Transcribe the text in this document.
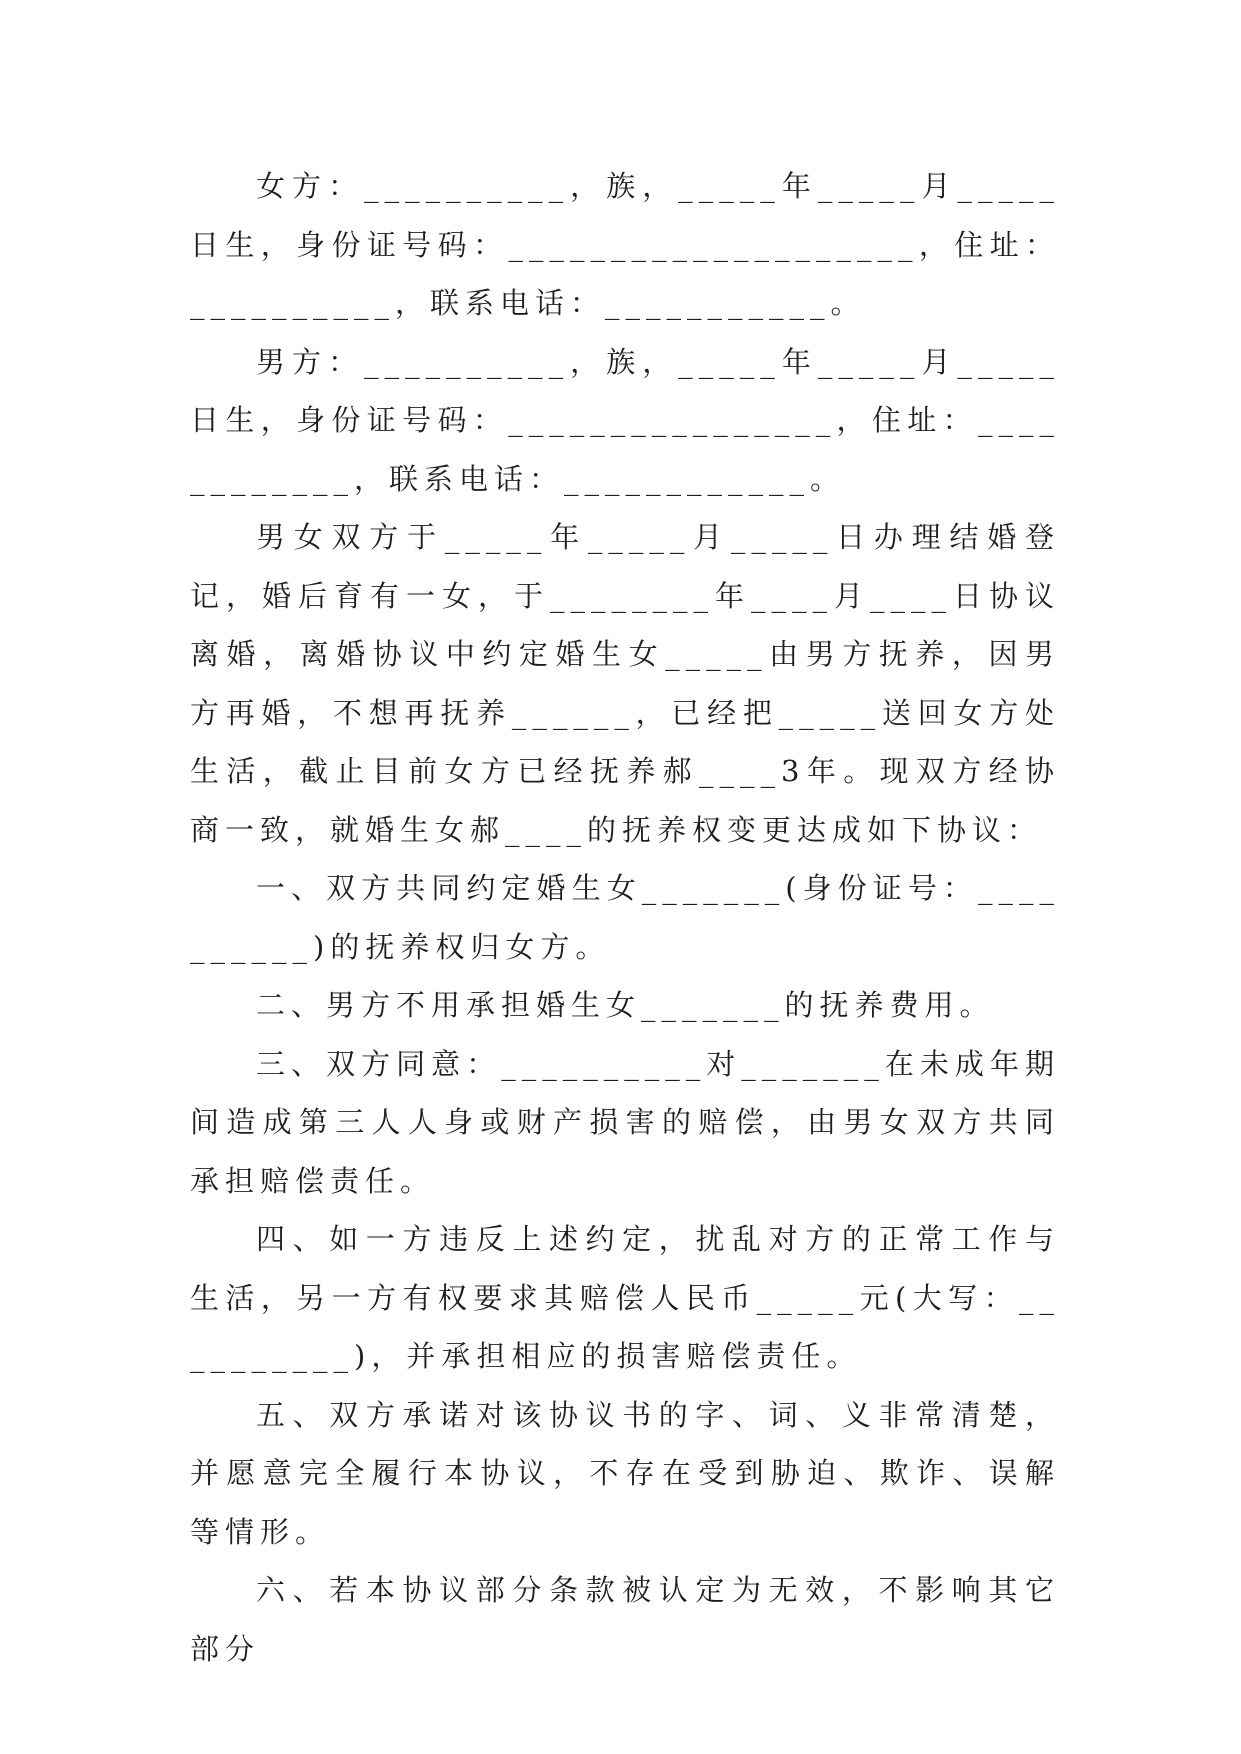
女方：__________，族，_____年_____月_____日生，身份证号码：____________________，住址：__________，联系电话：___________。

男方：__________，族，_____年_____月_____日生，身份证号码：________________，住址：____________，联系电话：____________。

男女双方于_____年_____月_____日办理结婚登记，婚后育有一女，于________年____月____日协议离婚，离婚协议中约定婚生女_____由男方抚养，因男方再婚，不想再抚养______，已经把_____送回女方处生活，截止目前女方已经抚养郝____3年。现双方经协商一致，就婚生女郝____的抚养权变更达成如下协议：

一、双方共同约定婚生女_______(身份证号：__________)的抚养权归女方。

二、男方不用承担婚生女_______的抚养费用。

三、双方同意：__________对_______在未成年期间造成第三人人身或财产损害的赔偿，由男女双方共同承担赔偿责任。

四、如一方违反上述约定，扰乱对方的正常工作与生活，另一方有权要求其赔偿人民币_____元(大写：__________)，并承担相应的损害赔偿责任。

五、双方承诺对该协议书的字、词、义非常清楚，并愿意完全履行本协议，不存在受到胁迫、欺诈、误解等情形。

六、若本协议部分条款被认定为无效，不影响其它部分
